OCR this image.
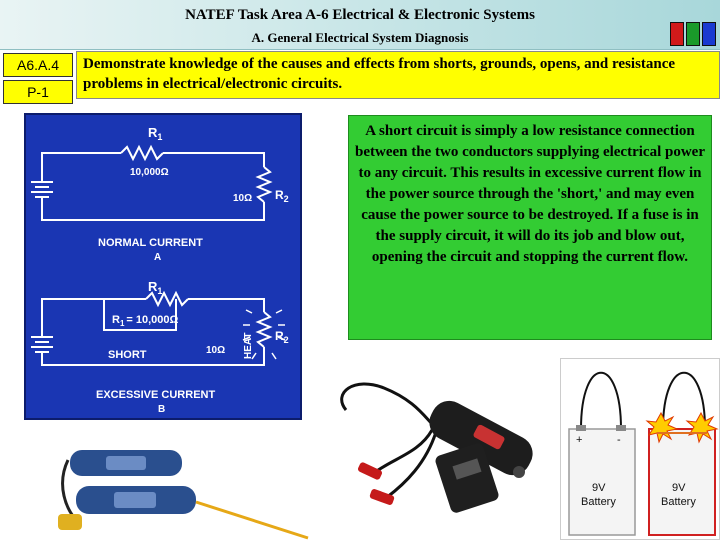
NATEF Task Area A-6 Electrical & Electronic Systems
A. General Electrical System Diagnosis
A6.A.4
P-1
Demonstrate knowledge of the causes and effects from shorts, grounds, opens, and resistance problems in electrical/electronic circuits.
$R_1$
10,000Ω
10Ω $R_2$
NORMAL CURRENT
A
$R_1$
$R_1 = 10,000\Omega$
SHORT	10Ω HEAT $R_2$
EXCESSIVE CURRENT
B
A short circuit is simply a low resistance connection between the two conductors supplying electrical power to any circuit. This results in excessive current flow in the power source through the 'short,' and may even cause the power source to be destroyed. If a fuse is in the supply circuit, it will do its job and blow out, opening the circuit and stopping the current flow.
+	-
9V
Battery
9V
Battery
